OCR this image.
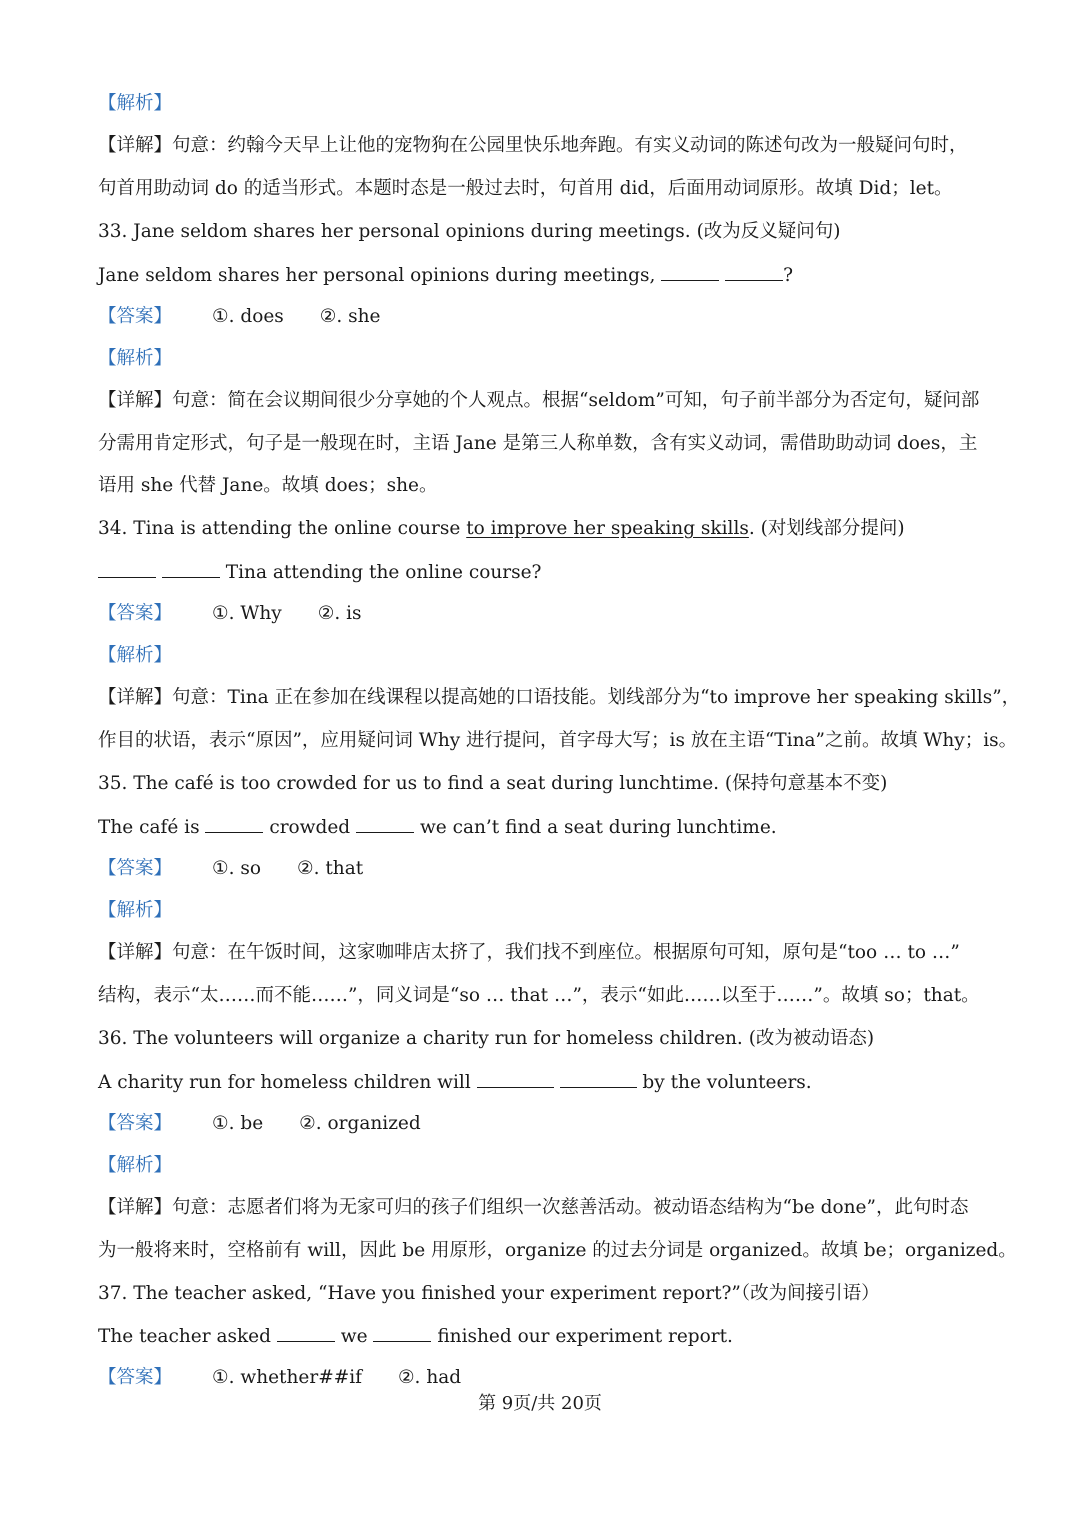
【解析】
【详解】句意：约翰今天早上让他的宠物狗在公园里快乐地奔跑。有实义动词的陈述句改为一般疑问句时，
句首用助动词 do 的适当形式。本题时态是一般过去时，句首用 did，后面用动词原形。故填 Did；let。
33. Jane seldom shares her personal opinions during meetings. (改为反义疑问句)
Jane seldom shares her personal opinions during meetings,	?
【答案】 ①. does ②. she
【解析】
【详解】句意：简在会议期间很少分享她的个人观点。根据“seldom”可知，句子前半部分为否定句，疑问部
分需用肯定形式，句子是一般现在时，主语 Jane 是第三人称单数，含有实义动词，需借助助动词 does，主
语用 she 代替 Jane。故填 does；she。
34. Tina is attending the online course to improve her speaking skills. (对划线部分提问)
Tina attending the online course?
【答案】 ①. Why ②. is
【解析】
【详解】句意：Tina 正在参加在线课程以提高她的口语技能。划线部分为“to improve her speaking skills”，
作目的状语，表示“原因”，应用疑问词 Why 进行提问，首字母大写；is 放在主语“Tina”之前。故填 Why；is。
35. The café is too crowded for us to find a seat during lunchtime. (保持句意基本不变)
The café is	crowded	we can’t find a seat during lunchtime.
【答案】 ①. so ②. that
【解析】
【详解】句意：在午饭时间，这家咖啡店太挤了，我们找不到座位。根据原句可知，原句是“too … to …”
结构，表示“太……而不能……”，同义词是“so … that …”，表示“如此……以至于……”。故填 so；that。
36. The volunteers will organize a charity run for homeless children. (改为被动语态)
A charity run for homeless children will	by the volunteers.
【答案】 ①. be ②. organized
【解析】
【详解】句意：志愿者们将为无家可归的孩子们组织一次慈善活动。被动语态结构为“be done”，此句时态
为一般将来时，空格前有 will，因此 be 用原形，organize 的过去分词是 organized。故填 be；organized。
37. The teacher asked, “Have you finished your experiment report?”（改为间接引语）
The teacher asked	we	finished our experiment report.
【答案】 ①. whether##if ②. had
第 9页/共 20页
